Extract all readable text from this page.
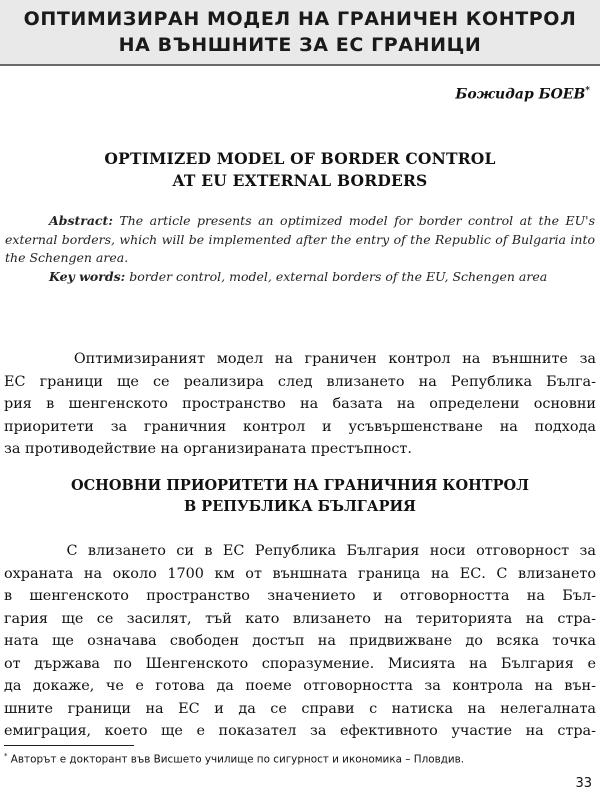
ОПТИМИЗИРАН МОДЕЛ НА ГРАНИЧЕН КОНТРОЛ
НА ВЪНШНИТЕ ЗА ЕС ГРАНИЦИ
Божидар БОЕВ*
OPTIMIZED MODEL OF BORDER CONTROL
AT EU EXTERNAL BORDERS

Abstract: The article presents an optimized model for border control at the EU's external borders, which will be implemented after the entry of the Republic of Bulgaria into the Schengen area.

Key words: border control, model, external borders of the EU, Schengen area

Оптимизираният модел на граничен контрол на външните за
ЕС граници ще се реализира след влизането на Република Бълга-
рия в шенгенското пространство на базата на определени основни
приоритети за граничния контрол и усъвършенстване на подхода
за противодействие на организираната престъпност.
ОСНОВНИ ПРИОРИТЕТИ НА ГРАНИЧНИЯ КОНТРОЛ
В РЕПУБЛИКА БЪЛГАРИЯ
С влизането си в ЕС Република България носи отговорност за
охраната на около 1700 км от външната граница на ЕС. С влизането
в шенгенското пространство значението и отговорността на Бъл-
гария ще се засилят, тъй като влизането на територията на стра-
ната ще означава свободен достъп на придвижване до всяка точка
от държава по Шенгенското споразумение. Мисията на България е
да докаже, че е готова да поеме отговорността за контрола на вън-
шните граници на ЕС и да се справи с натиска на нелегалната
емиграция, което ще е показател за ефективното участие на стра-
* Авторът е докторант във Висшето училище по сигурност и икономика – Пловдив.
33
